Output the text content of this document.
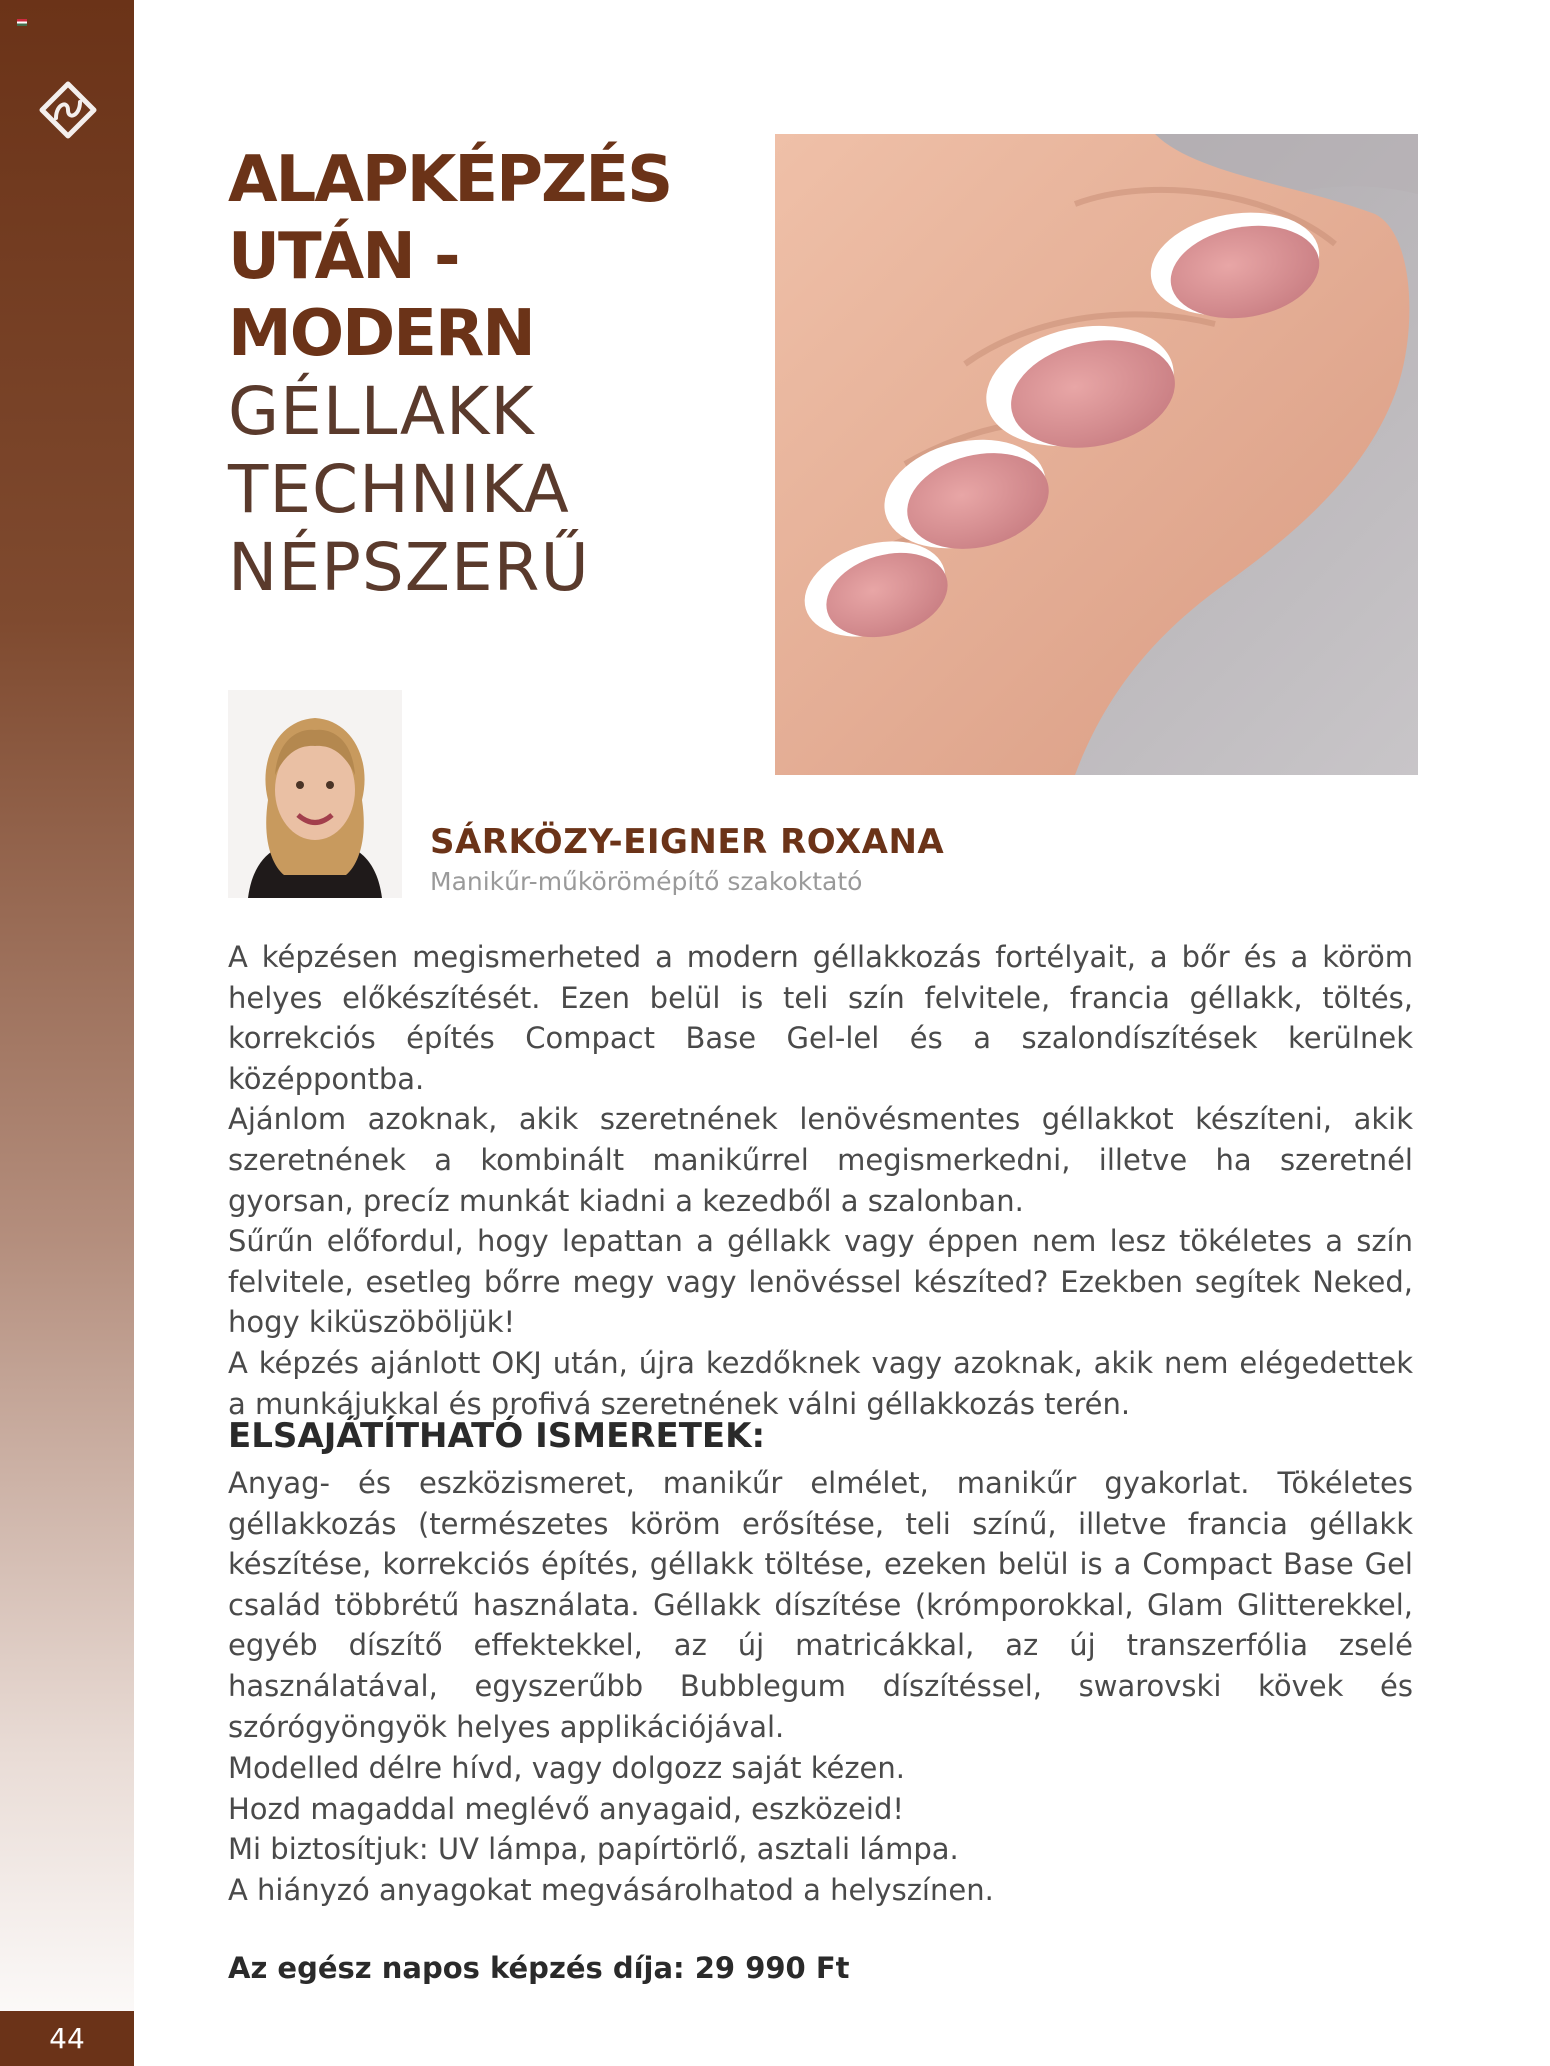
44
ALAPKÉPZÉS
UTÁN -
MODERN
GÉLLAKK
TECHNIKA
NÉPSZERŰ
SÁRKÖZY-EIGNER ROXANA
Manikűr-műkörömépítő szakoktató

A képzésen megismerheted a modern géllakkozás fortélyait, a bőr és a köröm helyes előkészítését. Ezen belül is teli szín felvitele, francia géllakk, töltés, korrekciós építés Compact Base Gel-lel és a szalondíszítések kerülnek középpontba.

Ajánlom azoknak, akik szeretnének lenövésmentes géllakkot készíteni, akik szeretnének a kombinált manikűrrel megismerkedni, illetve ha szeretnél gyorsan, precíz munkát kiadni a kezedből a szalonban.

Sűrűn előfordul, hogy lepattan a géllakk vagy éppen nem lesz tökéletes a szín felvitele, esetleg bőrre megy vagy lenövéssel készíted? Ezekben segítek Neked, hogy kiküszöböljük!

A képzés ajánlott OKJ után, újra kezdőknek vagy azoknak, akik nem elégedettek a munkájukkal és profivá szeretnének válni géllakkozás terén.

ELSAJÁTÍTHATÓ ISMERETEK:

Anyag- és eszközismeret, manikűr elmélet, manikűr gyakorlat. Tökéletes géllakkozás (természetes köröm erősítése, teli színű, illetve francia géllakk készítése, korrekciós építés, géllakk töltése, ezeken belül is a Compact Base Gel család többrétű használata. Géllakk díszítése (krómporokkal, Glam Glitterekkel, egyéb díszítő effektekkel, az új matricákkal, az új transzerfólia zselé használatával, egyszerűbb Bubblegum díszítéssel, swarovski kövek és szórógyöngyök helyes applikációjával.

Modelled délre hívd, vagy dolgozz saját kézen.
Hozd magaddal meglévő anyagaid, eszközeid!
Mi biztosítjuk: UV lámpa, papírtörlő, asztali lámpa.
A hiányzó anyagokat megvásárolhatod a helyszínen.
Az egész napos képzés díja: 29 990 Ft
